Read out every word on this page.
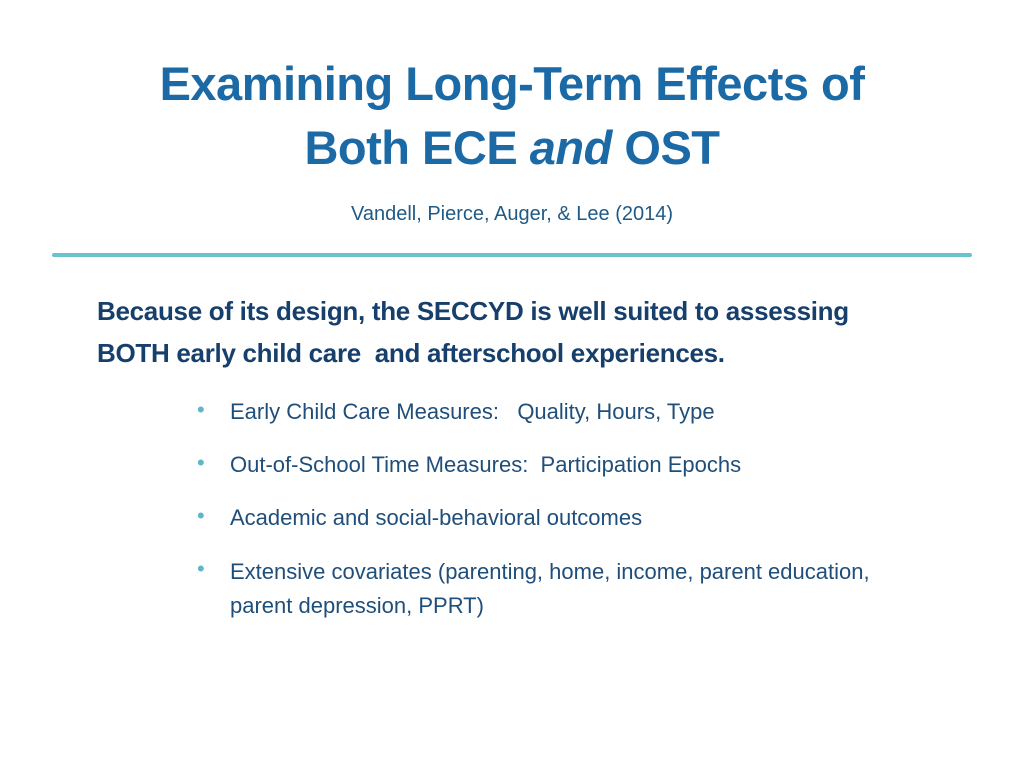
Examining Long-Term Effects of
Both ECE and OST
Vandell, Pierce, Auger, & Lee (2014)
Because of its design, the SECCYD is well suited to assessing
BOTH early child care  and afterschool experiences.
• Early Child Care Measures:   Quality, Hours, Type
• Out-of-School Time Measures:  Participation Epochs
• Academic and social-behavioral outcomes
• Extensive covariates (parenting, home, income, parent education, parent depression, PPRT)
